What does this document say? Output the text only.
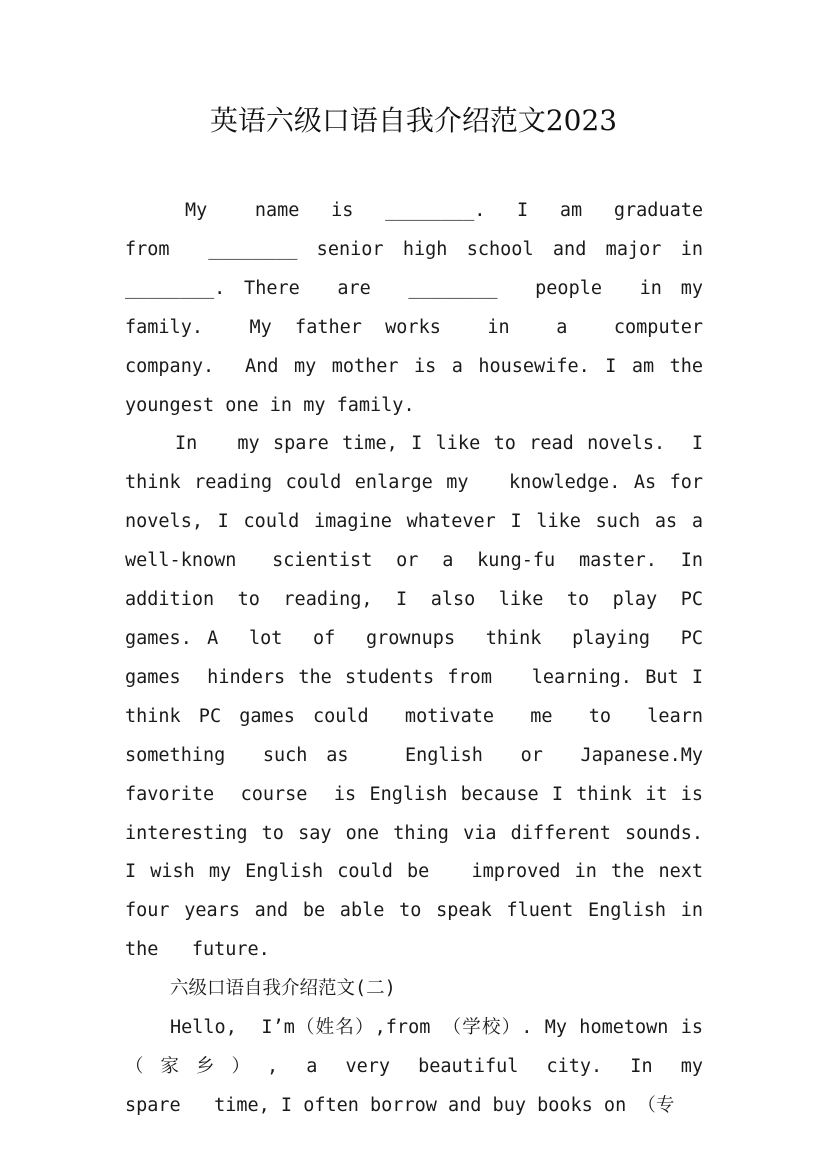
英语六级口语自我介绍范文2023

My   name  is  ________.  I  am  graduate  from  ________ senior high school and major in   ________. There  are  ________  people  in my family.  My father works  in  a  computer   company.  And my mother is a housewife. I am the youngest one in my family.

In   my spare time, I like to read novels.  I think reading could enlarge my   knowledge. As for novels, I could imagine whatever I like such as a well-known   scientist  or  a  kung-fu  master.  In addition to reading, I also like to play PC   games. A  lot  of  grownups  think  playing  PC  games  hinders the students from   learning. But I think PC games could  motivate  me  to  learn  something  such as   English  or  Japanese.My  favorite  course  is English because I think it is   interesting to say one thing via different sounds.  I wish my English could be   improved in the next four years and be able to speak fluent English in the   future.

六级口语自我介绍范文(二)

Hello,  I’m（姓名）,from （学校）. My hometown is （ 家 乡 ） ,  a  very  beautiful  city.  In  my spare   time, I often borrow and buy books on （专
